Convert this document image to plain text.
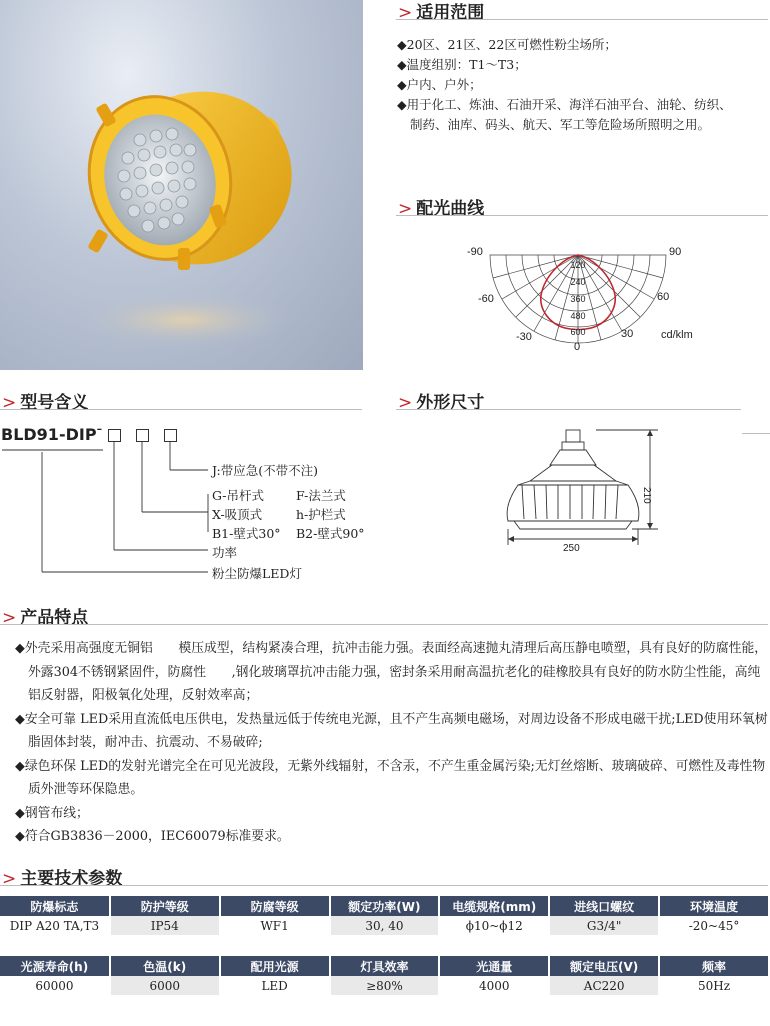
> 适用范围
◆20区、21区、22区可燃性粉尘场所；
◆温度组别：T1～T3；
◆户内、户外；
◆用于化工、炼油、石油开采、海洋石油平台、油轮、纺织、
制药、油库、码头、航天、军工等危险场所照明之用。
> 配光曲线
120
240
360
480
600
-90	90
-60	60
-30	30
0
cd/klm
> 型号含义
BLD91-DIP-
J:带应急(不带不注)
G-吊杆式	F-法兰式
X-吸顶式	h-护栏式
B1-壁式30° B2-壁式90°
功率
粉尘防爆LED灯
> 外形尺寸
210
250
> 产品特点

◆外壳采用高强度无铜铝　　模压成型，结构紧凑合理，抗冲击能力强。表面经高速抛丸清理后高压静电喷塑，具有良好的防腐性能，外露304不锈钢紧固件，防腐性　　,钢化玻璃罩抗冲击能力强，密封条采用耐高温抗老化的硅橡胶具有良好的防水防尘性能，高纯铝反射器，阳极氧化处理，反射效率高；

◆安全可靠 LED采用直流低电压供电，发热量远低于传统电光源，且不产生高频电磁场，对周边设备不形成电磁干扰;LED使用环氧树脂固体封装，耐冲击、抗震动、不易破碎;

◆绿色环保 LED的发射光谱完全在可见光波段，无紫外线辐射，不含汞，不产生重金属污染;无灯丝熔断、玻璃破碎、可燃性及毒性物质外泄等环保隐患。

◆钢管布线；

◆符合GB3836－2000，IEC60079标准要求。

> 主要技术参数
防爆标志	防护等级	防腐等级	额定功率(W)	电缆规格(mm)	进线口螺纹	环境温度
DIP A20 TA,T3	IP54	WF1	30, 40	ϕ10~ϕ12	G3/4"	-20~45°
光源寿命(h)	色温(k)	配用光源	灯具效率	光通量	额定电压(V)	频率
60000	6000	LED	≥80%	4000	AC220	50Hz
